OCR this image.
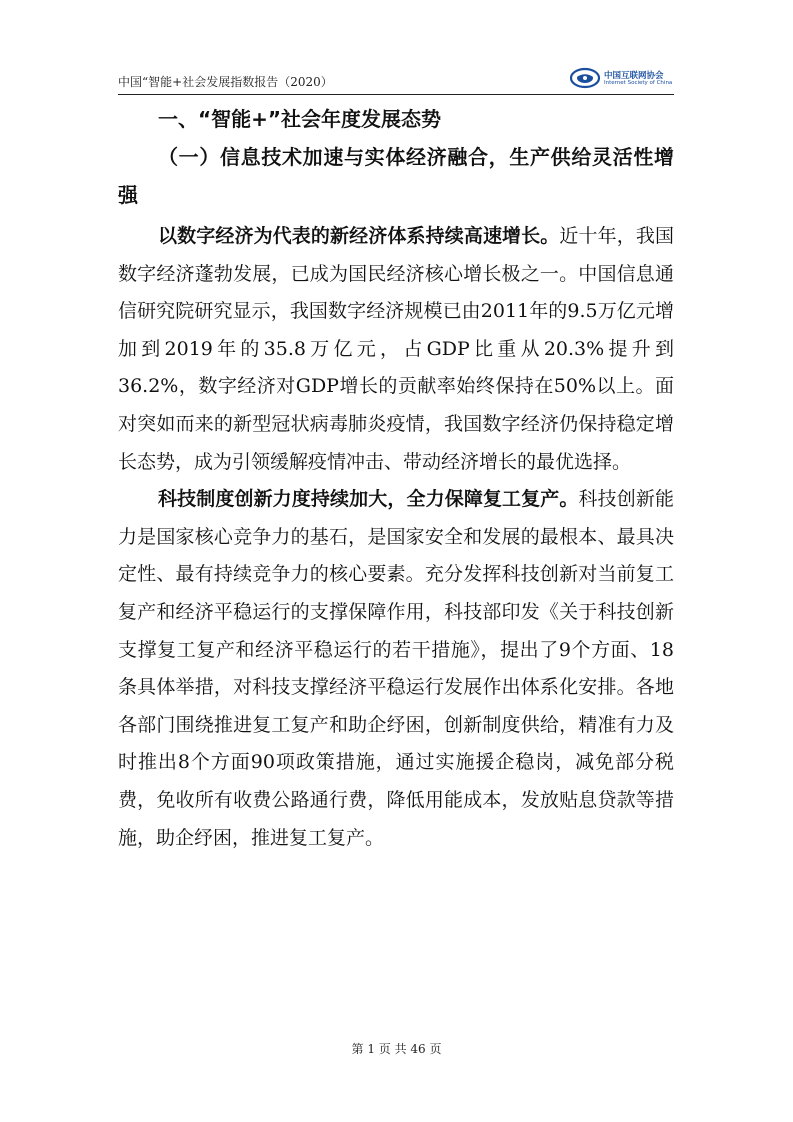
中国“智能+社会发展指数报告（2020）	中国互联网协会
Internet Society of China
一、“智能+”社会年度发展态势
（一）信息技术加速与实体经济融合，生产供给灵活性增强

以数字经济为代表的新经济体系持续高速增长。近十年，我国数字经济蓬勃发展，已成为国民经济核心增长极之一。中国信息通信研究院研究显示，我国数字经济规模已由2011年的9.5万亿元增加到2019年的35.8万亿元，占GDP比重从20.3%提升到36.2%，数字经济对GDP增长的贡献率始终保持在50%以上。面对突如而来的新型冠状病毒肺炎疫情，我国数字经济仍保持稳定增长态势，成为引领缓解疫情冲击、带动经济增长的最优选择。

科技制度创新力度持续加大，全力保障复工复产。科技创新能力是国家核心竞争力的基石，是国家安全和发展的最根本、最具决定性、最有持续竞争力的核心要素。充分发挥科技创新对当前复工复产和经济平稳运行的支撑保障作用，科技部印发《关于科技创新支撑复工复产和经济平稳运行的若干措施》，提出了9个方面、18条具体举措，对科技支撑经济平稳运行发展作出体系化安排。各地各部门围绕推进复工复产和助企纾困，创新制度供给，精准有力及时推出8个方面90项政策措施，通过实施援企稳岗，减免部分税费，免收所有收费公路通行费，降低用能成本，发放贴息贷款等措施，助企纾困，推进复工复产。

第 1 页 共 46 页
